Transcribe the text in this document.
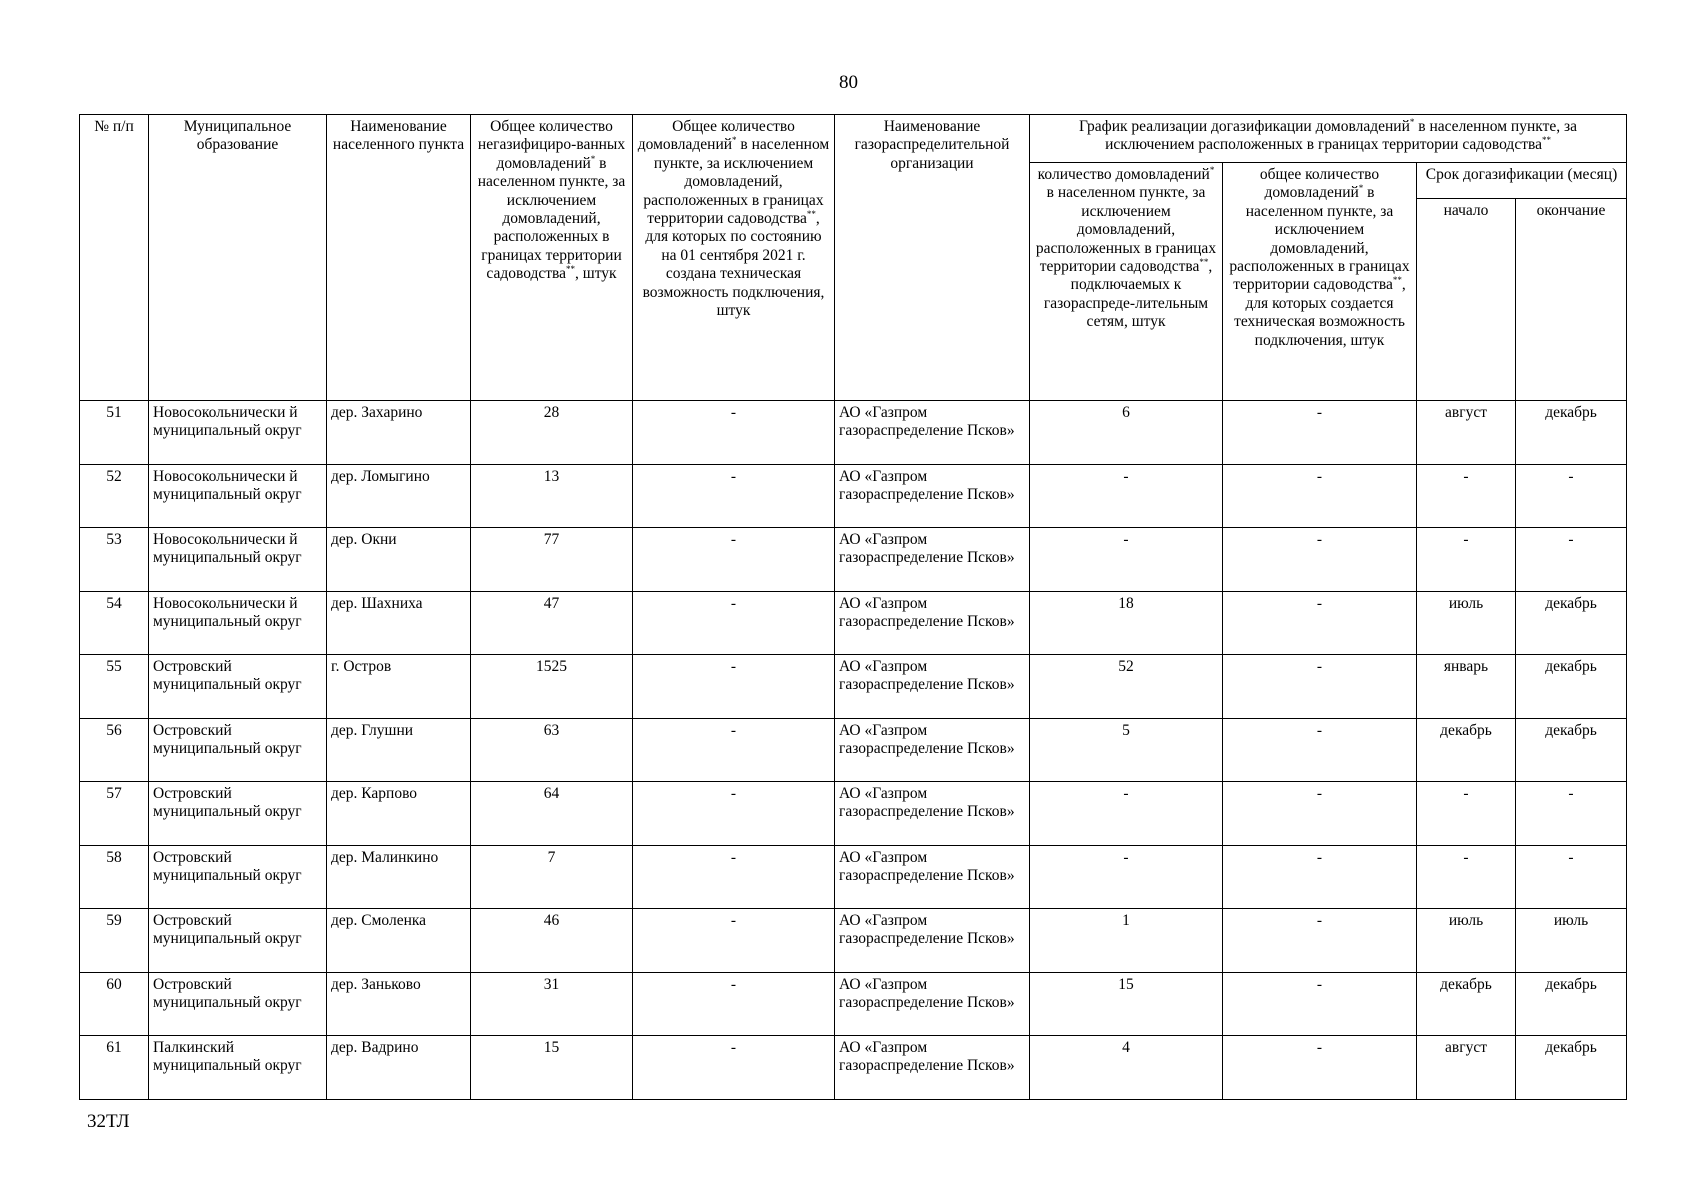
80
№ п/п	Муниципальное образование	Наименование населенного пункта	Общее количество негазифициро-ванных домовладений* в населенном пункте, за исключением домовладений, расположенных в границах территории садоводства**, штук	Общее количество домовладений* в населенном пункте, за исключением домовладений, расположенных в границах территории садоводства**, для которых по состоянию на 01 сентября 2021 г. создана техническая возможность подключения, штук	Наименование газораспределительной организации	График реализации догазификации домовладений* в населенном пункте, за исключением расположенных в границах территории садоводства**
						количество домовладений* в населенном пункте, за исключением домовладений, расположенных в границах территории садоводства**, подключаемых к газораспреде-лительным сетям, штук	общее количество домовладений* в населенном пункте, за исключением домовладений, расположенных в границах территории садоводства**, для которых создается техническая возможность подключения, штук	Срок догазификации (месяц)	
								начало	окончание
51	Новосокольнически й муниципальный округ	дер. Захарино	28	-	АО «Газпром газораспределение Псков»	6	-	август	декабрь
52	Новосокольнически й муниципальный округ	дер. Ломыгино	13	-	АО «Газпром газораспределение Псков»	-	-	-	-
53	Новосокольнически й муниципальный округ	дер. Окни	77	-	АО «Газпром газораспределение Псков»	-	-	-	-
54	Новосокольнически й муниципальный округ	дер. Шахниха	47	-	АО «Газпром газораспределение Псков»	18	-	июль	декабрь
55	Островский муниципальный округ	г. Остров	1525	-	АО «Газпром газораспределение Псков»	52	-	январь	декабрь
56	Островский муниципальный округ	дер. Глушни	63	-	АО «Газпром газораспределение Псков»	5	-	декабрь	декабрь
57	Островский муниципальный округ	дер. Карпово	64	-	АО «Газпром газораспределение Псков»	-	-	-	-
58	Островский муниципальный округ	дер. Малинкино	7	-	АО «Газпром газораспределение Псков»	-	-	-	-
59	Островский муниципальный округ	дер. Смоленка	46	-	АО «Газпром газораспределение Псков»	1	-	июль	июль
60	Островский муниципальный округ	дер. Заньково	31	-	АО «Газпром газораспределение Псков»	15	-	декабрь	декабрь
61	Палкинский муниципальный округ	дер. Вадрино	15	-	АО «Газпром газораспределение Псков»	4	-	август	декабрь
32ТЛ
